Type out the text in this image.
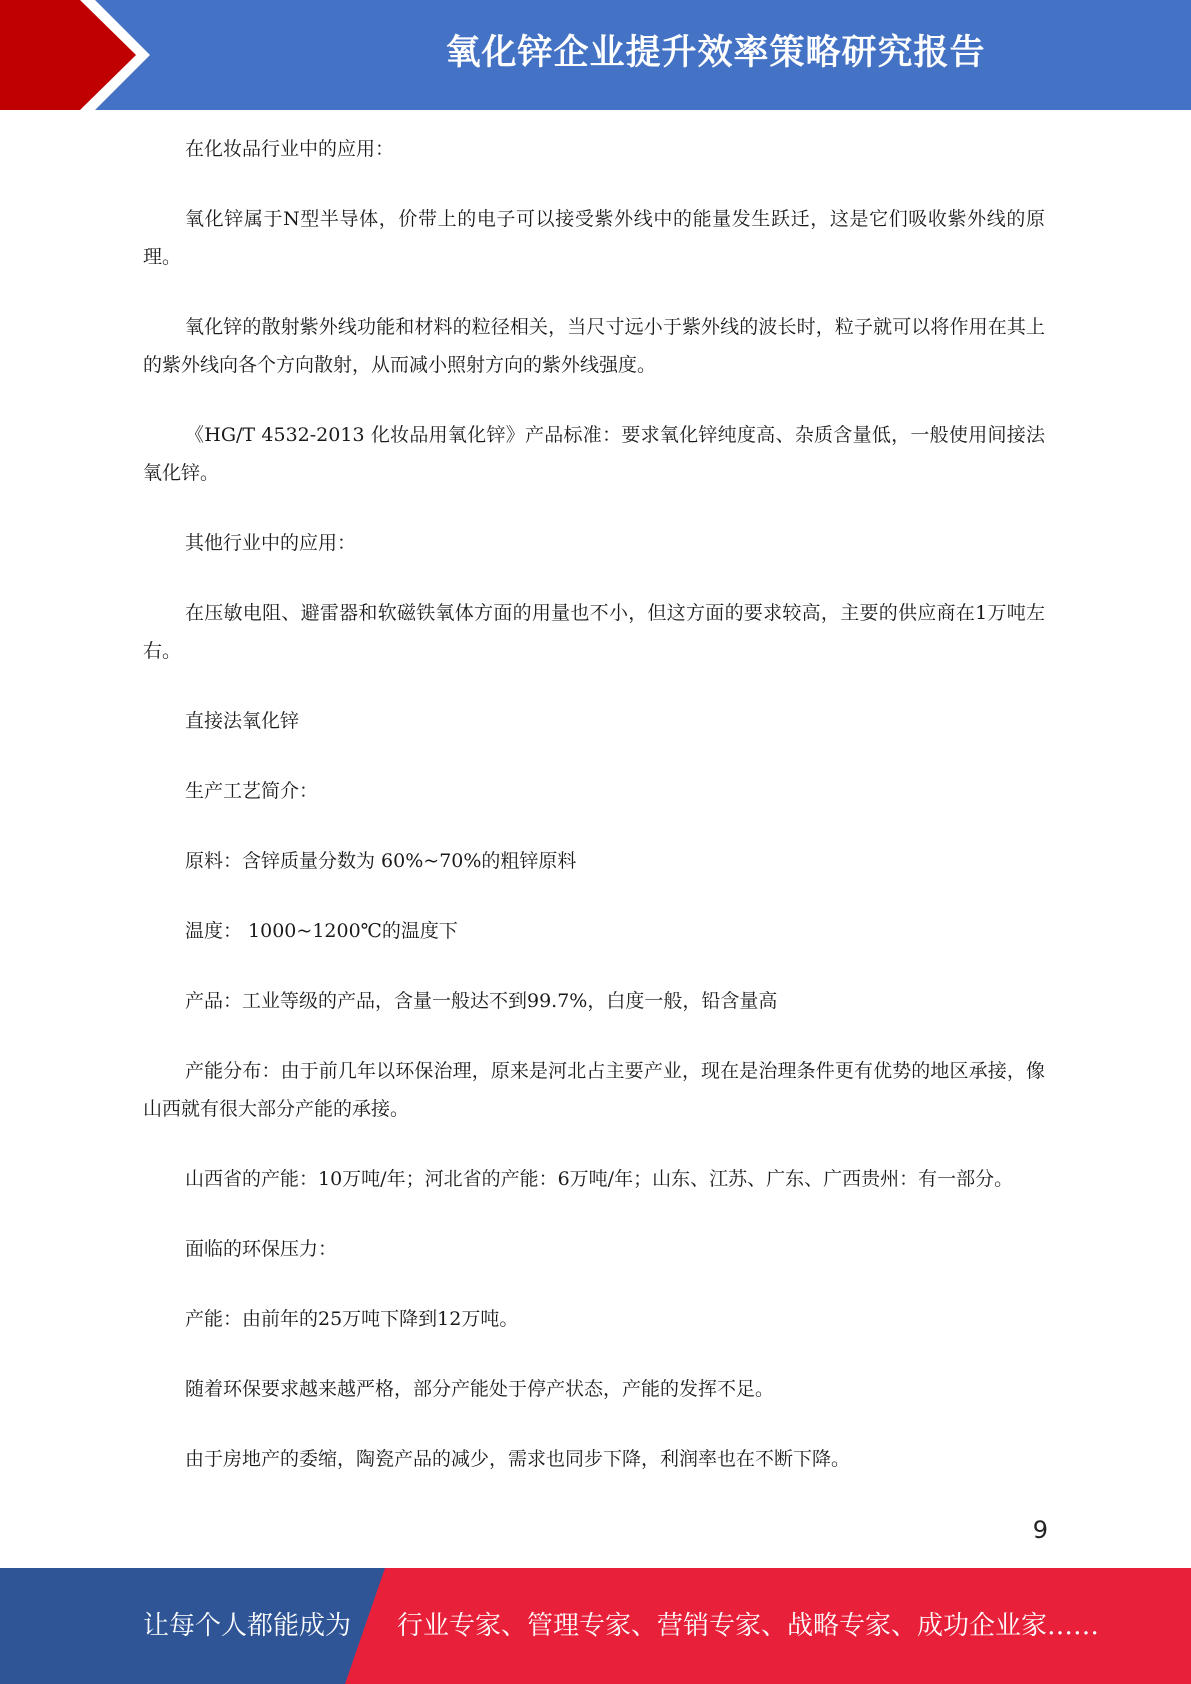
氧化锌企业提升效率策略研究报告

在化妆品行业中的应用：

氧化锌属于N型半导体，价带上的电子可以接受紫外线中的能量发生跃迁，这是它们吸收紫外线的原理。

氧化锌的散射紫外线功能和材料的粒径相关，当尺寸远小于紫外线的波长时，粒子就可以将作用在其上的紫外线向各个方向散射，从而减小照射方向的紫外线强度。

《HG/T 4532-2013 化妆品用氧化锌》产品标准：要求氧化锌纯度高、杂质含量低，一般使用间接法氧化锌。

其他行业中的应用：

在压敏电阻、避雷器和软磁铁氧体方面的用量也不小，但这方面的要求较高，主要的供应商在1万吨左右。

直接法氧化锌

生产工艺简介：

原料：含锌质量分数为 60%~70%的粗锌原料

温度： 1000~1200℃的温度下

产品：工业等级的产品，含量一般达不到99.7%，白度一般，铅含量高

产能分布：由于前几年以环保治理，原来是河北占主要产业，现在是治理条件更有优势的地区承接，像山西就有很大部分产能的承接。

山西省的产能：10万吨/年；河北省的产能：6万吨/年；山东、江苏、广东、广西贵州：有一部分。

面临的环保压力：

产能：由前年的25万吨下降到12万吨。

随着环保要求越来越严格，部分产能处于停产状态，产能的发挥不足。

由于房地产的委缩，陶瓷产品的减少，需求也同步下降，利润率也在不断下降。

9
让每个人都能成为 行业专家、管理专家、营销专家、战略专家、成功企业家……
